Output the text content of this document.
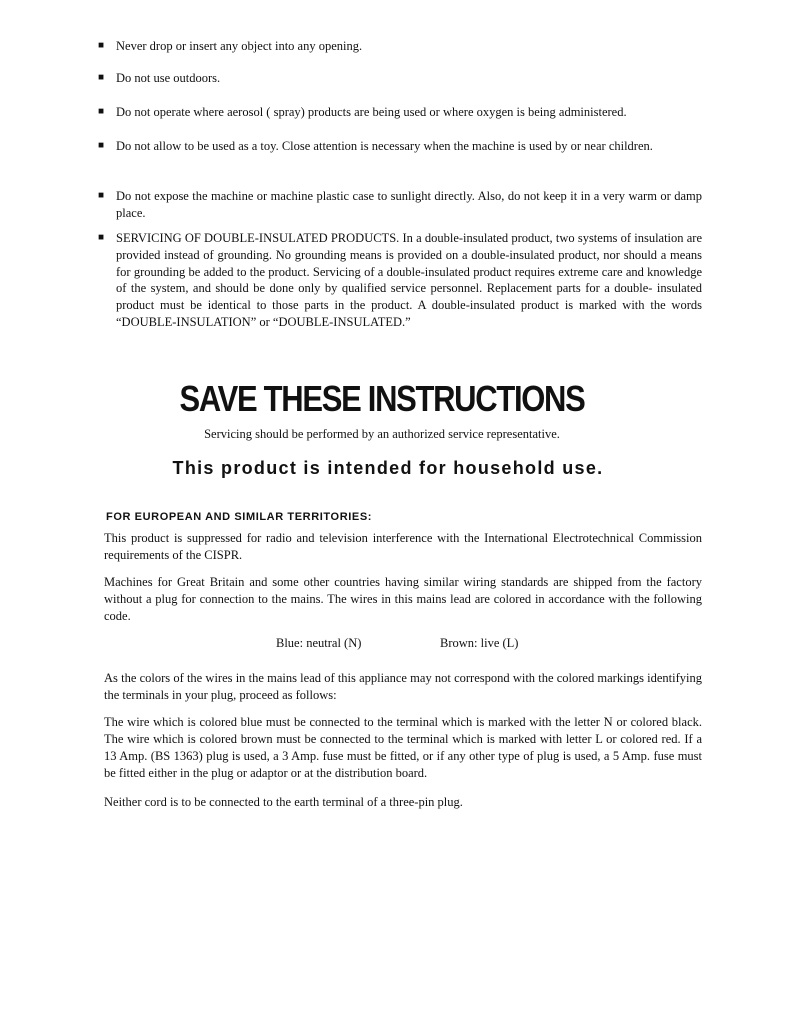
■ Never drop or insert any object into any opening.
■ Do not use outdoors.
■ Do not operate where aerosol ( spray) products are being used or where oxygen is being administered.
■ Do not allow to be used as a toy. Close attention is necessary when the machine is used by or near children.
■ Do not expose the machine or machine plastic case to sunlight directly. Also, do not keep it in a very warm or damp place.
■ SERVICING OF DOUBLE-INSULATED PRODUCTS. In a double-insulated product, two systems of insulation are provided instead of grounding. No grounding means is provided on a double-insulated product, nor should a means for grounding be added to the product. Servicing of a double-insulated product requires extreme care and knowledge of the system, and should be done only by qualified service personnel. Replacement parts for a double- insulated product must be identical to those parts in the product. A double-insulated product is marked with the words “DOUBLE-INSULATION” or “DOUBLE-INSULATED.”
SAVE THESE INSTRUCTIONS
Servicing should be performed by an authorized service representative.
This product is intended for household use.
FOR EUROPEAN AND SIMILAR TERRITORIES:
This product is suppressed for radio and television interference with the International Electrotechnical Commission requirements of the CISPR.
Machines for Great Britain and some other countries having similar wiring standards are shipped from the factory without a plug for connection to the mains. The wires in this mains lead are colored in accordance with the following code.
Blue: neutral (N)	Brown: live (L)
As the colors of the wires in the mains lead of this appliance may not correspond with the colored markings identifying the terminals in your plug, proceed as follows:
The wire which is colored blue must be connected to the terminal which is marked with the letter N or colored black. The wire which is colored brown must be connected to the terminal which is marked with letter L or colored red. If a 13 Amp. (BS 1363) plug is used, a 3 Amp. fuse must be fitted, or if any other type of plug is used, a 5 Amp. fuse must be fitted either in the plug or adaptor or at the distribution board.
Neither cord is to be connected to the earth terminal of a three-pin plug.
